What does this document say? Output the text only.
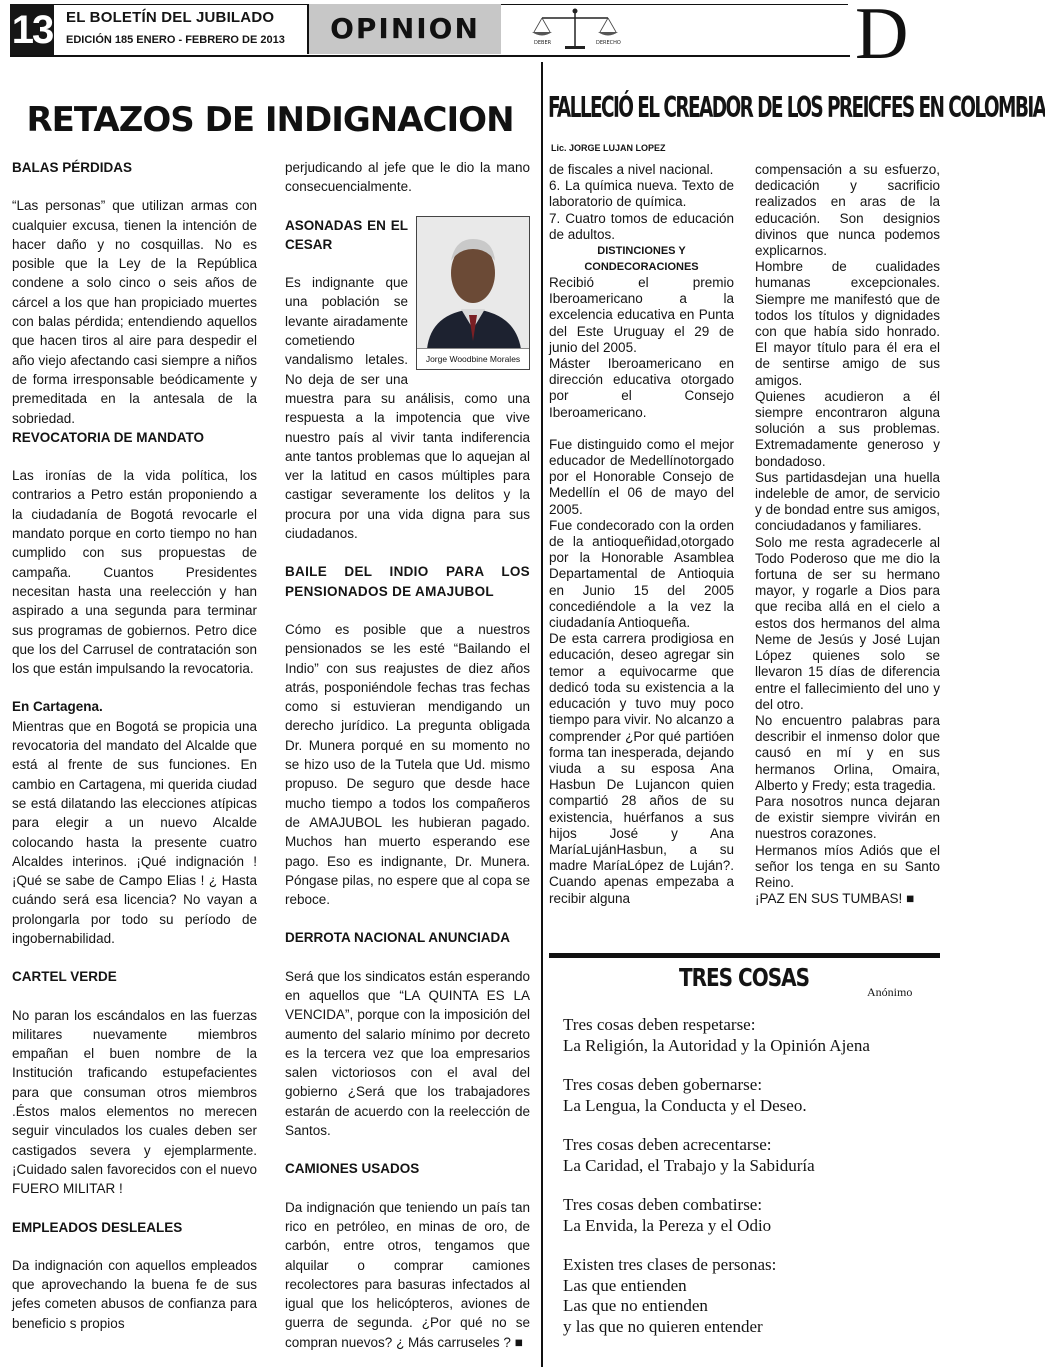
13 EL BOLETÍN DEL JUBILADO
EDICIÓN 185 ENERO - FEBRERO DE 2013	OPINION	DEBER	DERECHO	D
RETAZOS DE INDIGNACION
BALAS PÉRDIDAS

“Las personas” que utilizan armas con cualquier excusa, tienen la intención de hacer daño y no cosquillas. No es posible que la Ley de la República condene a solo cinco o seis años de cárcel a los que han propiciado muertes con balas pérdida; entendiendo aquellos que hacen tiros al aire para despedir el año viejo afectando casi siempre a niños de forma irresponsable beódicamente y premeditada en la antesala de la sobriedad.

REVOCATORIA DE MANDATO

Las ironías de la vida política, los contrarios a Petro están proponiendo a la ciudadanía de Bogotá revocarle el mandato porque en corto tiempo no han cumplido con sus propuestas de campaña. Cuantos Presidentes necesitan hasta una reelección y han aspirado a una segunda para terminar sus programas de gobiernos. Petro dice que los del Carrusel de contratación son los que están impulsando la revocatoria.

En Cartagena.

Mientras que en Bogotá se propicia una revocatoria del mandato del Alcalde que está al frente de sus funciones. En cambio en Cartagena, mi querida ciudad se está dilatando las elecciones atípicas para elegir a un nuevo Alcalde colocando hasta la presente cuatro Alcaldes interinos. ¡Qué indignación ! ¡Qué se sabe de Campo Elias ! ¿ Hasta cuándo será esa licencia? No vayan a prolongarla por todo su período de ingobernabilidad.

CARTEL VERDE

No paran los escándalos en las fuerzas militares nuevamente miembros empañan el buen nombre de la Institución traficando estupefacientes para que consuman otros miembros .Éstos malos elementos no merecen seguir vinculados los cuales deben ser castigados severa y ejemplarmente. ¡Cuidado salen favorecidos con el nuevo FUERO MILITAR !

EMPLEADOS DESLEALES

Da indignación con aquellos empleados que aprovechando la buena fe de sus jefes cometen abusos de confianza para beneficio s propios

perjudicando al jefe que le dio la mano consecuencialmente.

Jorge Woodbine Morales
ASONADAS EN EL CESAR

Es indignante que una población se levante airadamente cometiendo vandalismo letales. No deja de ser una muestra para su análisis, como una respuesta a la impotencia que vive nuestro país al vivir tanta indiferencia ante tantos problemas que lo aquejan al ver la latitud en casos múltiples para castigar severamente los delitos y la procura por una vida digna para sus ciudadanos.

BAILE DEL INDIO PARA LOS PENSIONADOS DE AMAJUBOL

Cómo es posible que a nuestros pensionados se les esté “Bailando el Indio” con sus reajustes de diez años atrás, posponiéndole fechas tras fechas como si estuvieran mendigando un derecho jurídico. La pregunta obligada Dr. Munera porqué en su momento no se hizo uso de la Tutela que Ud. mismo propuso. De seguro que desde hace mucho tiempo a todos los compañeros de AMAJUBOL les hubieran pagado. Muchos han muerto esperando ese pago. Eso es indignante, Dr. Munera. Póngase pilas, no espere que al copa se reboce.

DERROTA NACIONAL ANUNCIADA

Será que los sindicatos están esperando en aquellos que “LA QUINTA ES LA VENCIDA”, porque con la imposición del aumento del salario mínimo por decreto es la tercera vez que loa empresarios salen victoriosos con el aval del gobierno ¿Será que los trabajadores estarán de acuerdo con la reelección de Santos.

CAMIONES USADOS

Da indignación que teniendo un país tan rico en petróleo, en minas de oro, de carbón, entre otros, tengamos que alquilar o comprar camiones recolectores para basuras infectados al igual que los helicópteros, aviones de guerra de segunda. ¿Por qué no se compran nuevos? ¿ Más carruseles ? ■

FALLECIÓ EL CREADOR DE LOS PREICFES EN COLOMBIA
Lic. JORGE LUJAN LOPEZ

de fiscales a nivel nacional.

6. La química nueva. Texto de laboratorio de química.

7. Cuatro tomos de educación de adultos.

DISTINCIONES Y

CONDECORACIONES

Recibió el premio Iberoamericano a la excelencia educativa en Punta del Este Uruguay el 29 de junio del 2005.

Máster Iberoamericano en dirección educativa otorgado por el Consejo Iberoamericano.

Fue distinguido como el mejor educador de Medellínotorgado por el Honorable Consejo de Medellín el 06 de mayo del 2005.

Fue condecorado con la orden de la antioqueñidad,otorgado por la Honorable Asamblea Departamental de Antioquia en Junio 15 del 2005 concediéndole a la vez la ciudadanía Antioqueña.

De esta carrera prodigiosa en educación, deseo agregar sin temor a equivocarme que dedicó toda su existencia a la educación y tuvo muy poco tiempo para vivir. No alcanzo a comprender ¿Por qué partióen forma tan inesperada, dejando viuda a su esposa Ana Hasbun De Lujancon quien compartió 28 años de su existencia, huérfanos a sus hijos José y Ana MaríaLujánHasbun, a su madre MaríaLópez de Luján?. Cuando apenas empezaba a recibir alguna

compensación a su esfuerzo, dedicación y sacrificio realizados en aras de la educación. Son designios divinos que nunca podemos explicarnos.

Hombre de cualidades humanas excepcionales. Siempre me manifestó que de todos los títulos y dignidades con que había sido honrado. El mayor título para él era el de sentirse amigo de sus amigos.

Quienes acudieron a él siempre encontraron alguna solución a sus problemas. Extremadamente generoso y bondadoso.

Sus partidasdejan una huella indeleble de amor, de servicio y de bondad entre sus amigos, conciudadanos y familiares.

Solo me resta agradecerle al Todo Poderoso que me dio la fortuna de ser su hermano mayor, y rogarle a Dios para que reciba allá en el cielo a estos dos hermanos del alma Neme de Jesús y José Lujan López quienes solo se llevaron 15 días de diferencia entre el fallecimiento del uno y del otro.

No encuentro palabras para describir el inmenso dolor que causó en mí y en sus hermanos Orlina, Omaira, Alberto y Fredy; esta tragedia.

Para nosotros nunca dejaran de existir siempre vivirán en nuestros corazones.

Hermanos míos Adiós que el señor los tenga en su Santo Reino.

¡PAZ EN SUS TUMBAS! ■

TRES COSAS	Anónimo
Tres cosas deben respetarse:
La Religión, la Autoridad y la Opinión Ajena
Tres cosas deben gobernarse:
La Lengua, la Conducta y el Deseo.
Tres cosas deben acrecentarse:
La Caridad, el Trabajo y la Sabiduría
Tres cosas deben combatirse:
La Envida, la Pereza y el Odio
Existen tres clases de personas:
Las que entienden
Las que no entienden
y las que no quieren entender
